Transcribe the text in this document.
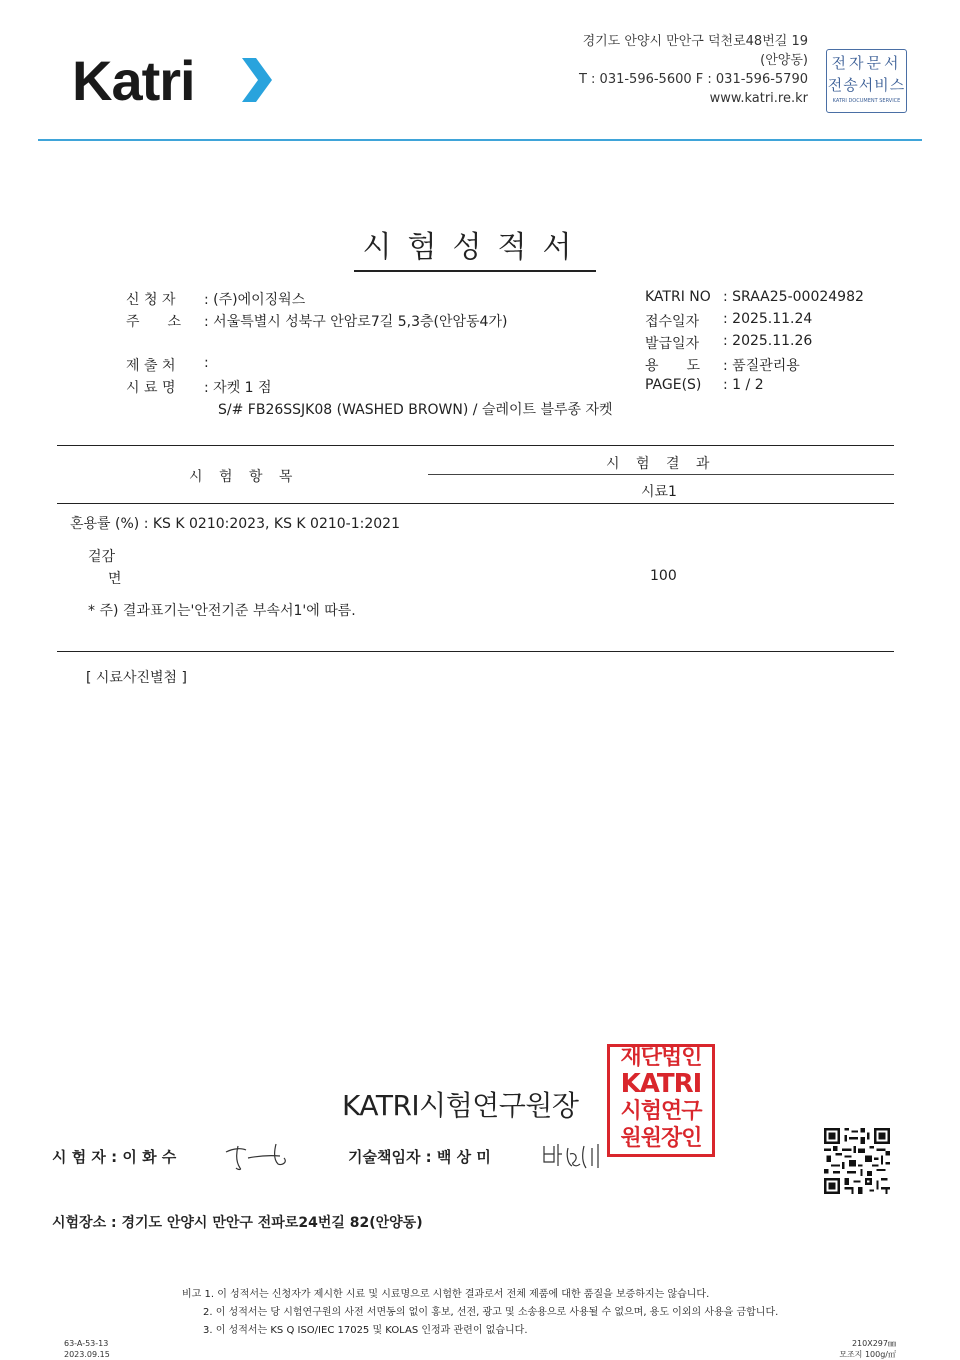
Katri
경기도 안양시 만안구 덕천로48번길 19
(안양동)
T : 031-596-5600 F : 031-596-5790
www.katri.re.kr
전자문서
전송서비스
KATRI DOCUMENT SERVICE
시험성적서
신 청 자 : (주)에이징웍스
주　　소 : 서울특별시 성북구 안암로7길 5,3층(안암동4가)
제 출 처 :
시 료 명 : 자켓 1 점
S/# FB26SSJK08 (WASHED BROWN) / 슬레이트 블루종 자켓
KATRI NO : SRAA25-00024982
접수일자 : 2025.11.24
발급일자 : 2025.11.26
용　　도 : 품질관리용
PAGE(S) : 1 / 2
시 험 항 목
시 험 결 과
시료1
혼용률 (%) : KS K 0210:2023, KS K 0210-1:2021
겉감
면	100
* 주) 결과표기는'안전기준 부속서1'에 따름.
[ 시료사진별첨 ]
KATRI시험연구원장
재단법인
KATRI
시험연구
원원장인
시 험 자 : 이 화 수	기술책임자 : 백 상 미
시험장소 : 경기도 안양시 만안구 전파로24번길 82(안양동)
비고 1. 이 성적서는 신청자가 제시한 시료 및 시료명으로 시험한 결과로서 전체 제품에 대한 품질을 보증하지는 않습니다.
2. 이 성적서는 당 시험연구원의 사전 서면동의 없이 홍보, 선전, 광고 및 소송용으로 사용될 수 없으며, 용도 이외의 사용을 금합니다.
3. 이 성적서는 KS Q ISO/IEC 17025 및 KOLAS 인정과 관련이 없습니다.
63-A-53-13
2023.09.15
210X297㎜
모조지 100g/㎡
